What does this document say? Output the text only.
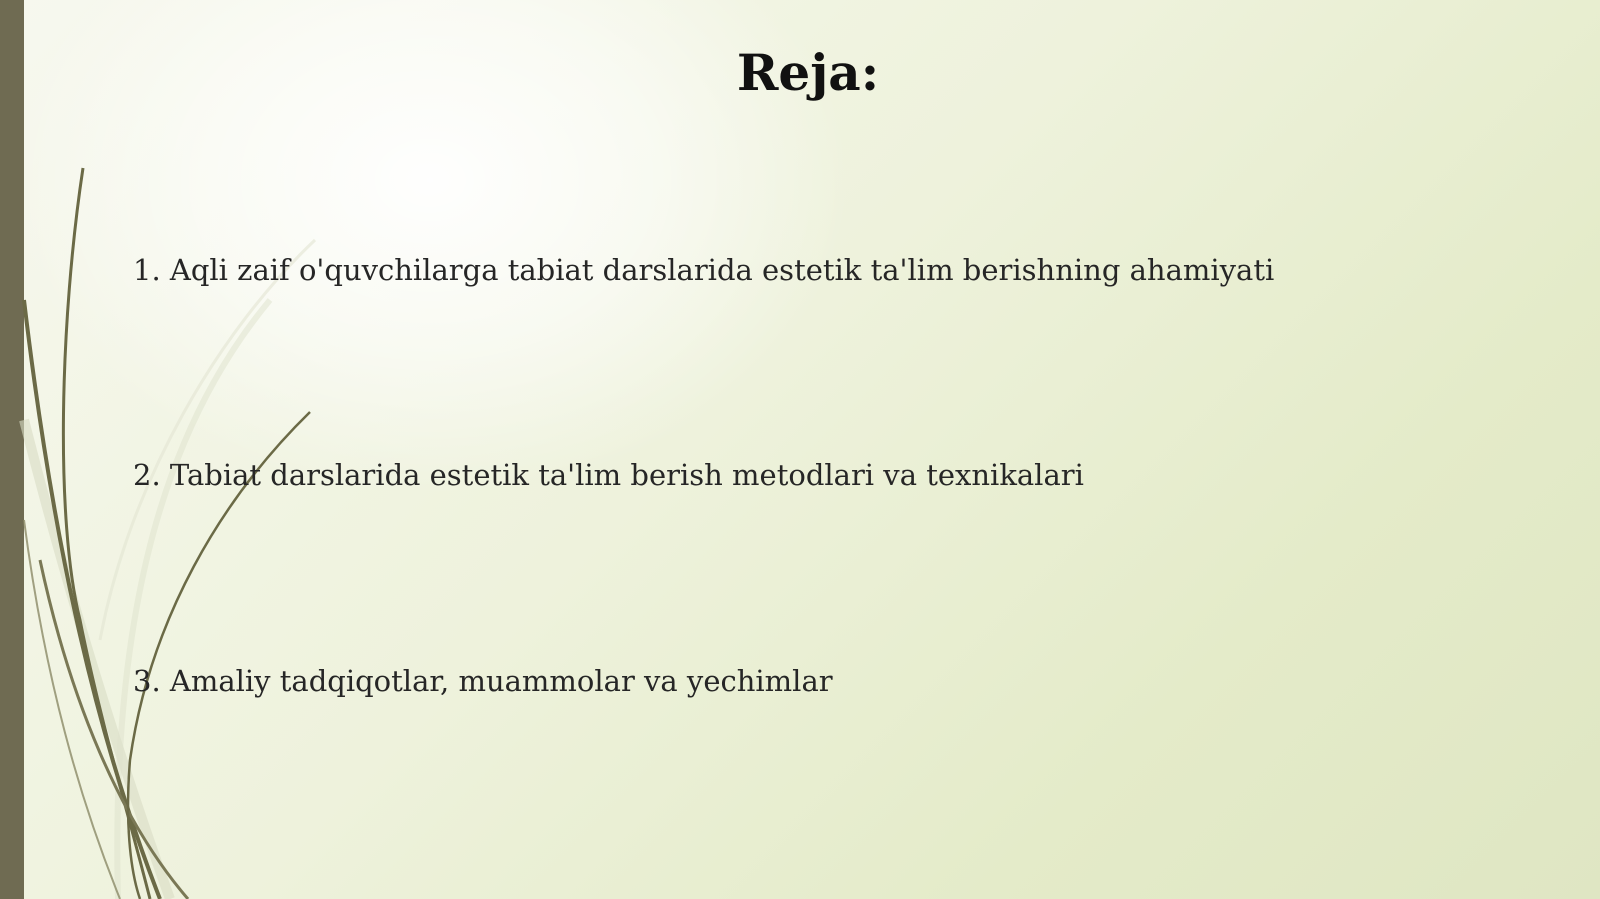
Reja:
1. Aqli zaif o'quvchilarga tabiat darslarida estetik ta'lim berishning ahamiyati
2. Tabiat darslarida estetik ta'lim berish metodlari va texnikalari
3. Amaliy tadqiqotlar, muammolar va yechimlar
